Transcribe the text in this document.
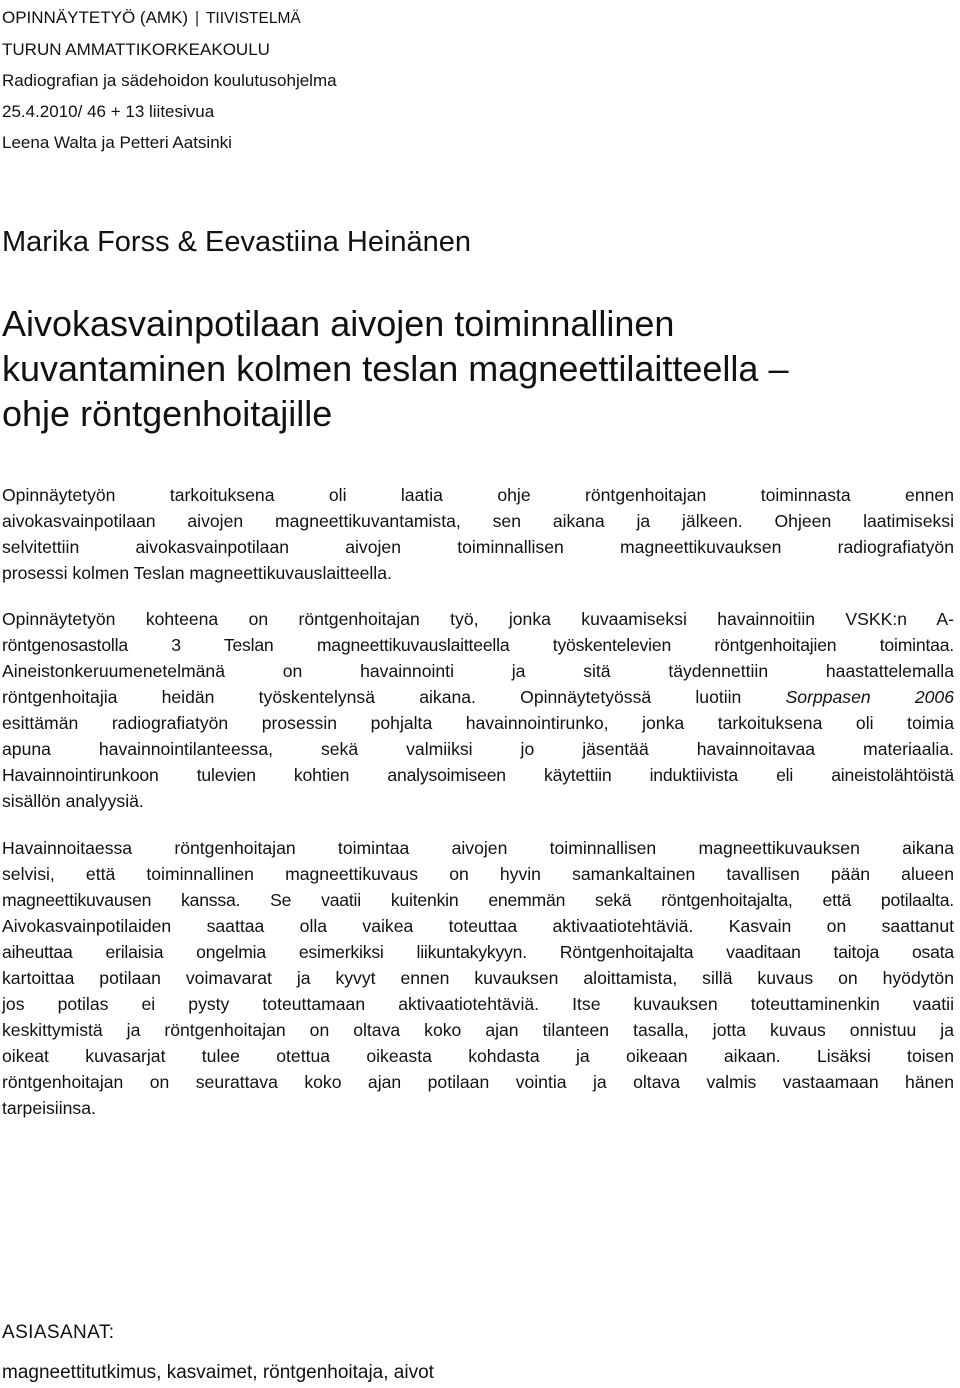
OPINNÄYTETYÖ (AMK) | TIIVISTELMÄ
TURUN AMMATTIKORKEAKOULU
Radiografian ja sädehoidon koulutusohjelma
25.4.2010/ 46 + 13 liitesivua
Leena Walta ja Petteri Aatsinki
Marika Forss & Eevastiina Heinänen
Aivokasvainpotilaan aivojen toiminnallinen
kuvantaminen kolmen teslan magneettilaitteella –
ohje röntgenhoitajille
Opinnäytetyön tarkoituksena oli laatia ohje röntgenhoitajan toiminnasta ennen
aivokasvainpotilaan aivojen magneettikuvantamista, sen aikana ja jälkeen. Ohjeen laatimiseksi
selvitettiin aivokasvainpotilaan aivojen toiminnallisen magneettikuvauksen radiografiatyön
prosessi kolmen Teslan magneettikuvauslaitteella.
Opinnäytetyön kohteena on röntgenhoitajan työ, jonka kuvaamiseksi havainnoitiin VSKK:n A-
röntgenosastolla 3 Teslan magneettikuvauslaitteella työskentelevien röntgenhoitajien toimintaa.
Aineistonkeruumenetelmänä on havainnointi ja sitä täydennettiin haastattelemalla
röntgenhoitajia heidän työskentelynsä aikana. Opinnäytetyössä luotiin	Sorppasen 2006
esittämän radiografiatyön prosessin pohjalta havainnointirunko, jonka tarkoituksena oli toimia
apuna havainnointilanteessa, sekä valmiiksi jo jäsentää havainnoitavaa materiaalia.
Havainnointirunkoon tulevien kohtien analysoimiseen käytettiin induktiivista eli aineistolähtöistä
sisällön analyysiä.
Havainnoitaessa röntgenhoitajan toimintaa aivojen toiminnallisen magneettikuvauksen aikana
selvisi, että toiminnallinen magneettikuvaus on hyvin samankaltainen tavallisen pään alueen
magneettikuvausen kanssa. Se vaatii kuitenkin enemmän sekä röntgenhoitajalta, että potilaalta.
Aivokasvainpotilaiden saattaa olla vaikea toteuttaa aktivaatiotehtäviä. Kasvain on saattanut
aiheuttaa erilaisia ongelmia esimerkiksi liikuntakykyyn. Röntgenhoitajalta vaaditaan taitoja osata
kartoittaa potilaan voimavarat ja kyvyt ennen kuvauksen aloittamista, sillä kuvaus on hyödytön
jos potilas ei pysty toteuttamaan aktivaatiotehtäviä. Itse kuvauksen toteuttaminenkin vaatii
keskittymistä ja röntgenhoitajan on oltava koko ajan tilanteen tasalla, jotta kuvaus onnistuu ja
oikeat kuvasarjat tulee otettua oikeasta kohdasta ja oikeaan aikaan. Lisäksi toisen
röntgenhoitajan on seurattava koko ajan potilaan vointia ja oltava valmis vastaamaan hänen
tarpeisiinsa.
ASIASANAT:
magneettitutkimus, kasvaimet, röntgenhoitaja, aivot
